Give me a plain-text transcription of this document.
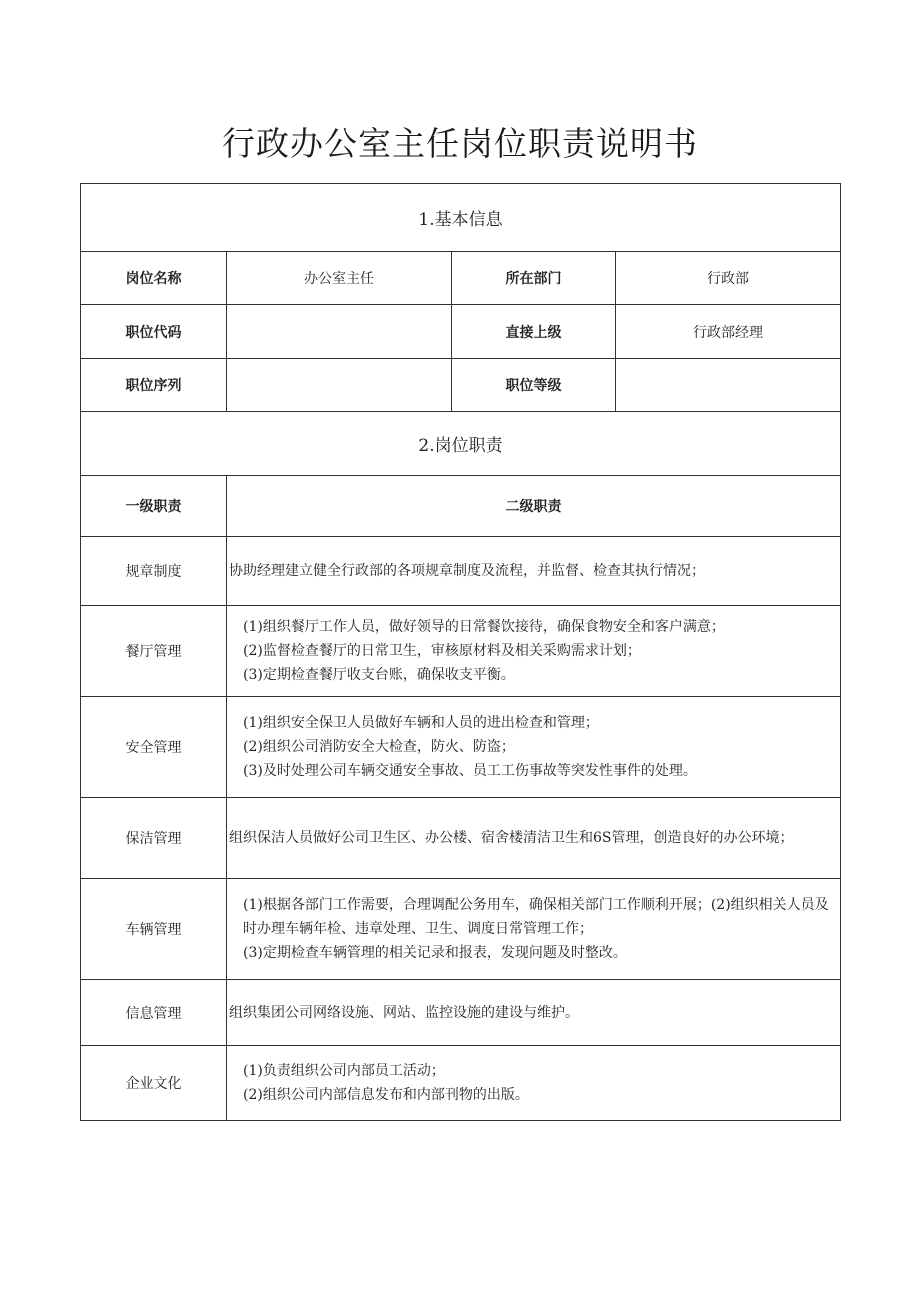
行政办公室主任岗位职责说明书
1.基本信息			
岗位名称	办公室主任	所在部门	行政部
职位代码		直接上级	行政部经理
职位序列		职位等级	
2.岗位职责			
一级职责	二级职责		
规章制度	协助经理建立健全行政部的各项规章制度及流程，并监督、检查其执行情况；		

餐厅管理	(1)组织餐厅工作人员，做好领导的日常餐饮接待，确保食物安全和客户满意；
(2)监督检查餐厅的日常卫生，审核原材料及相关采购需求计划；
(3)定期检查餐厅收支台账，确保收支平衡。		

安全管理	(1)组织安全保卫人员做好车辆和人员的进出检查和管理；
(2)组织公司消防安全大检查，防火、防盗；
(3)及时处理公司车辆交通安全事故、员工工伤事故等突发性事件的处理。		

保洁管理	组织保洁人员做好公司卫生区、办公楼、宿舍楼清洁卫生和6S管理，创造良好的办公环境；		

车辆管理	(1)根据各部门工作需要，合理调配公务用车，确保相关部门工作顺利开展；(2)组织相关人员及时办理车辆年检、违章处理、卫生、调度日常管理工作；
(3)定期检查车辆管理的相关记录和报表，发现问题及时整改。		

信息管理	组织集团公司网络设施、网站、监控设施的建设与维护。		

企业文化	(1)负责组织公司内部员工活动；
(2)组织公司内部信息发布和内部刊物的出版。		
